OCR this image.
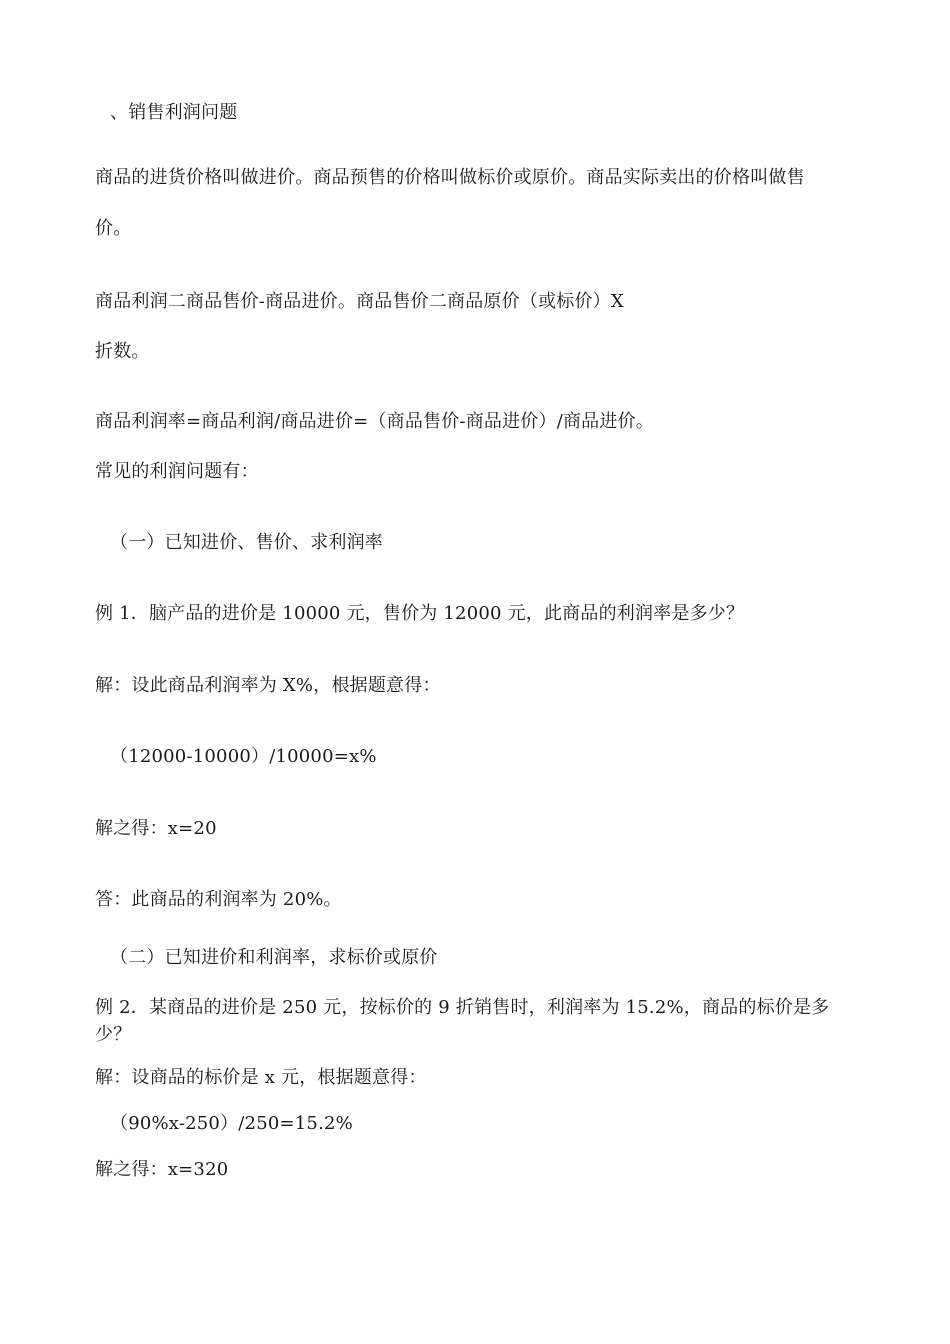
、销售利润问题

商品的进货价格叫做进价。商品预售的价格叫做标价或原价。商品实际卖出的价格叫做售

价。

商品利润二商品售价-商品进价。商品售价二商品原价（或标价）X

折数。

商品利润率=商品利润/商品进价=（商品售价-商品进价）/商品进价。

常见的利润问题有：

（一）已知进价、售价、求利润率

例 1．脑产品的进价是 10000 元，售价为 12000 元，此商品的利润率是多少？

解：设此商品利润率为 X%，根据题意得：

（12000-10000）/10000=x%

解之得：x=20

答：此商品的利润率为 20%。

（二）已知进价和利润率，求标价或原价

例 2．某商品的进价是 250 元，按标价的 9 折销售时，利润率为 15.2%，商品的标价是多少？

解：设商品的标价是 x 元，根据题意得：

（90%x-250）/250=15.2%

解之得：x=320
